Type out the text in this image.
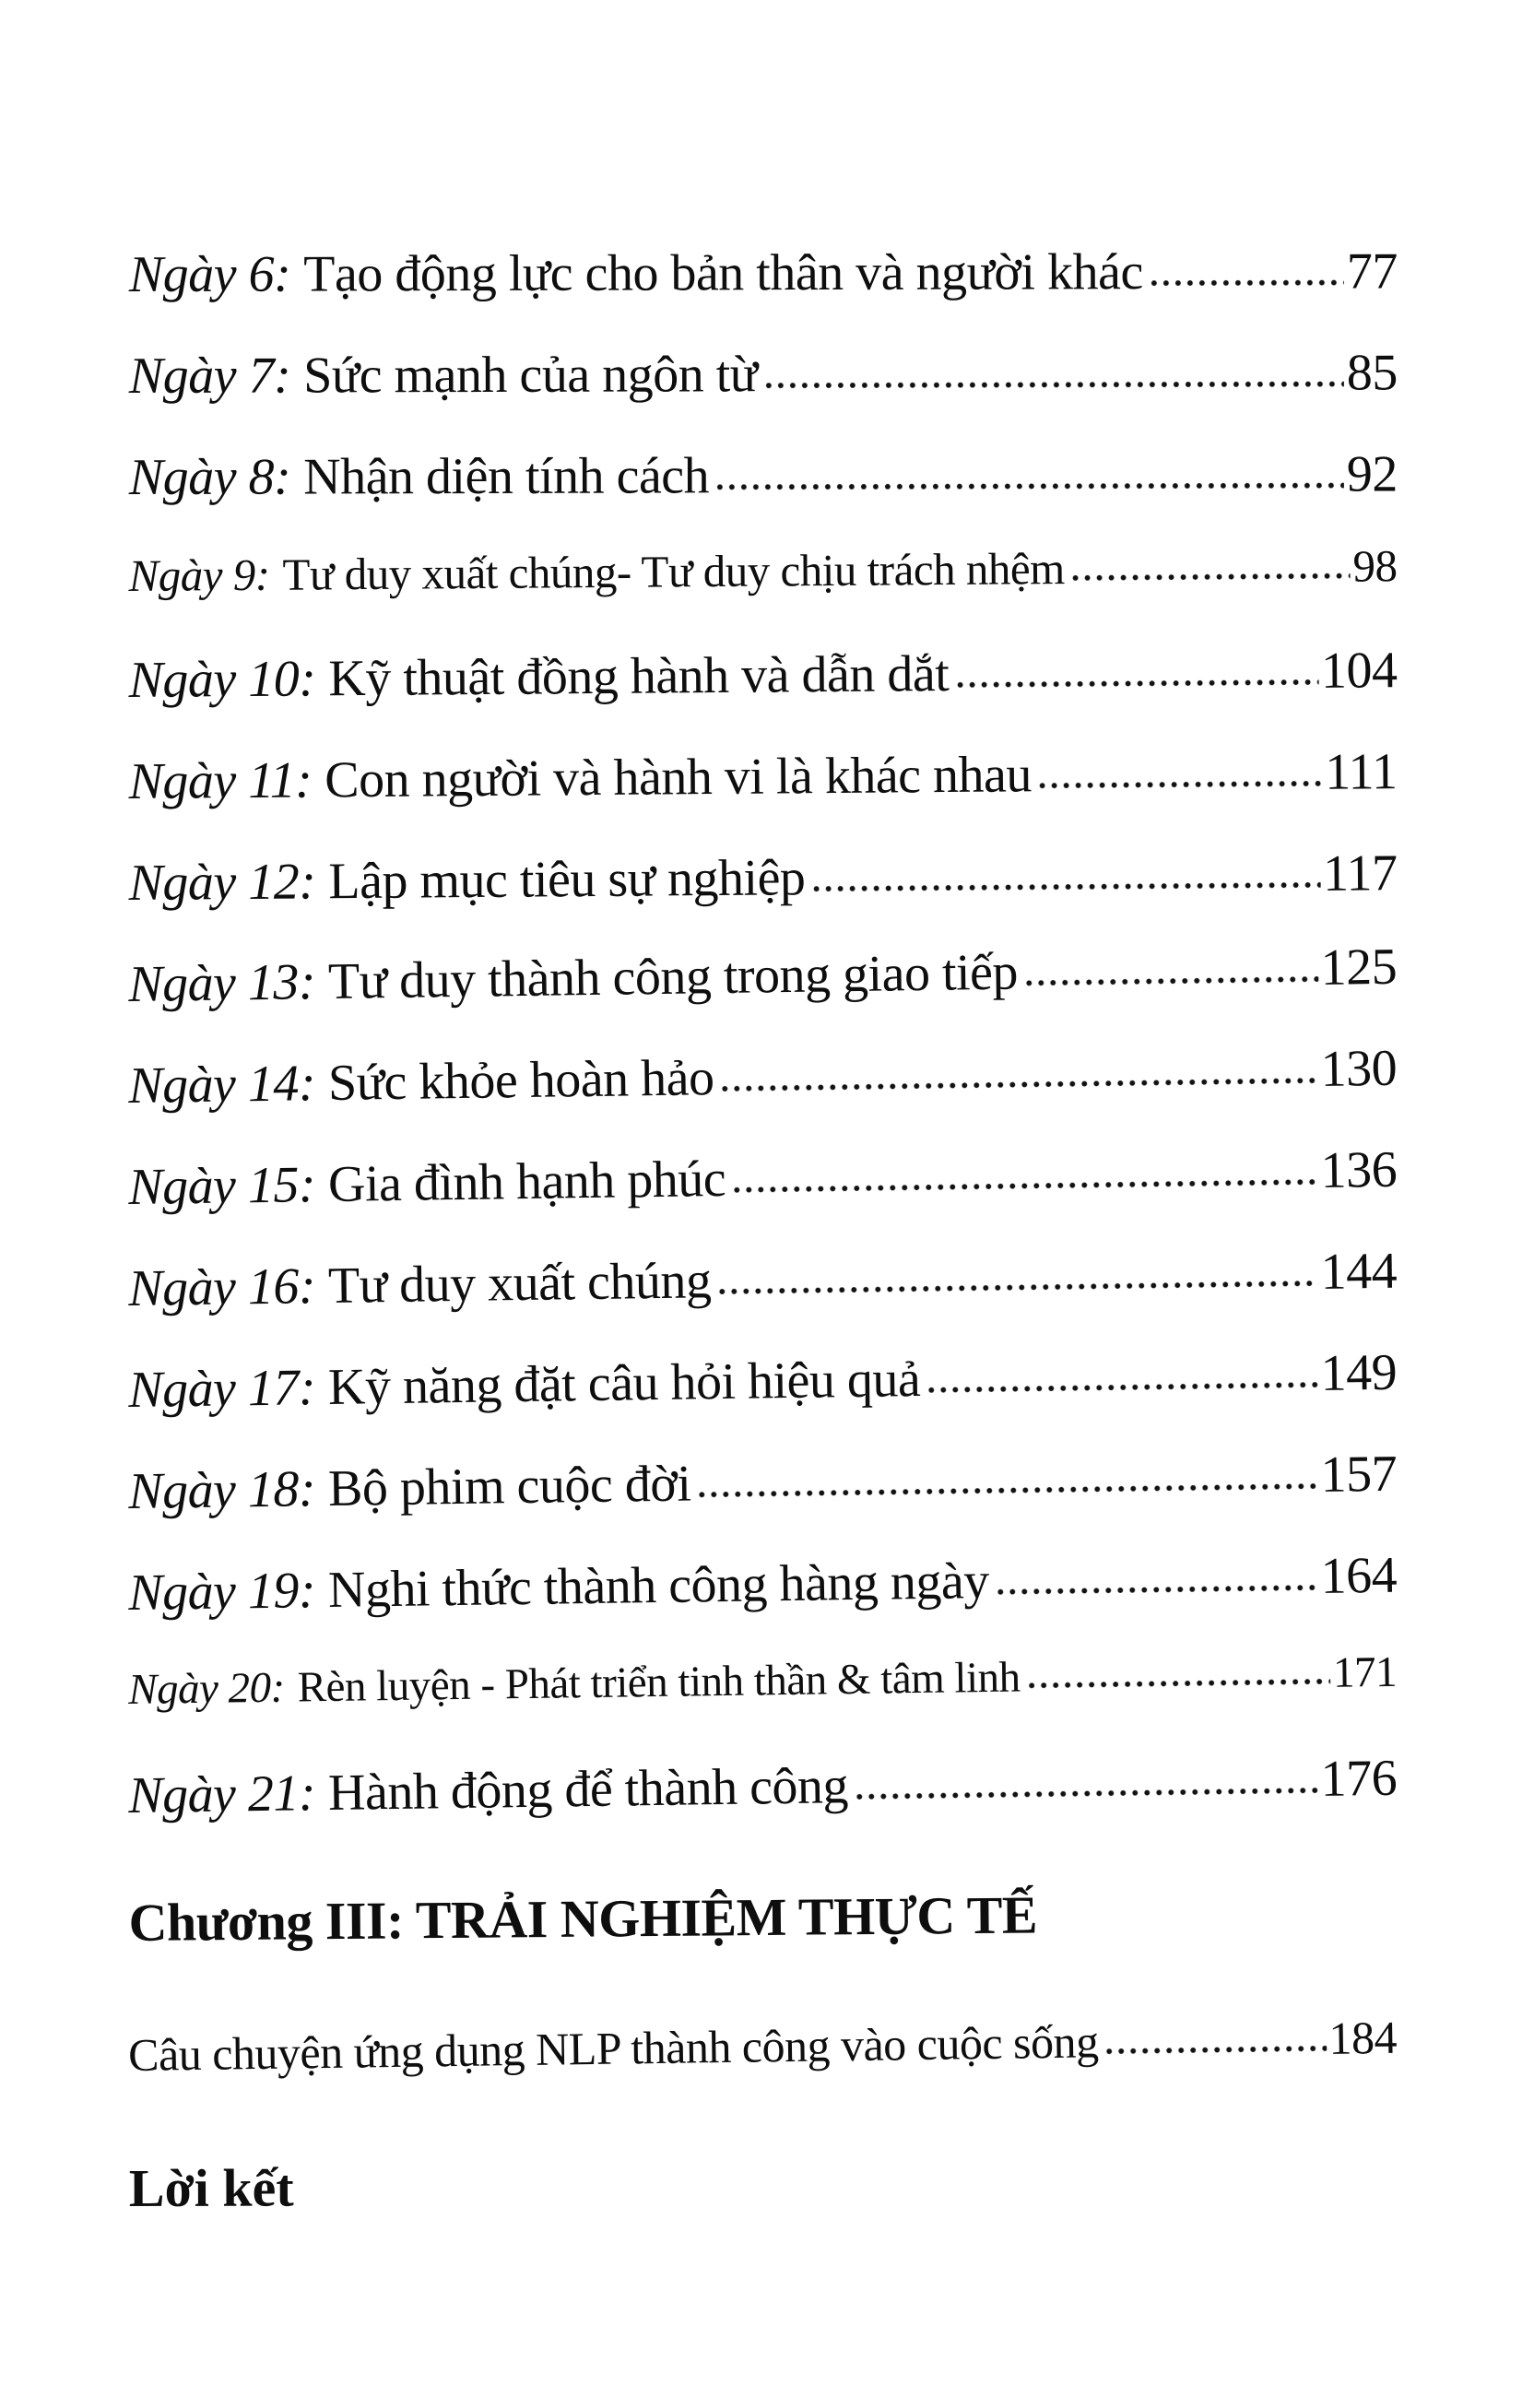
Ngày 6: Tạo động lực cho bản thân và người khác	77
Ngày 7: Sức mạnh của ngôn từ	85
Ngày 8: Nhận diện tính cách	92
Ngày 9: Tư duy xuất chúng- Tư duy chịu trách nhệm	98
Ngày 10: Kỹ thuật đồng hành và dẫn dắt	104
Ngày 11: Con người và hành vi là khác nhau	111
Ngày 12: Lập mục tiêu sự nghiệp	117
Ngày 13: Tư duy thành công trong giao tiếp	125
Ngày 14: Sức khỏe hoàn hảo	130
Ngày 15: Gia đình hạnh phúc	136
Ngày 16: Tư duy xuất chúng	144
Ngày 17: Kỹ năng đặt câu hỏi hiệu quả	149
Ngày 18: Bộ phim cuộc đời	157
Ngày 19: Nghi thức thành công hàng ngày	164
Ngày 20: Rèn luyện - Phát triển tinh thần & tâm linh	171
Ngày 21: Hành động để thành công	176
Chương III: TRẢI NGHIỆM THỰC TẾ
Câu chuyện ứng dụng NLP thành công vào cuộc sống	184
Lời kết
